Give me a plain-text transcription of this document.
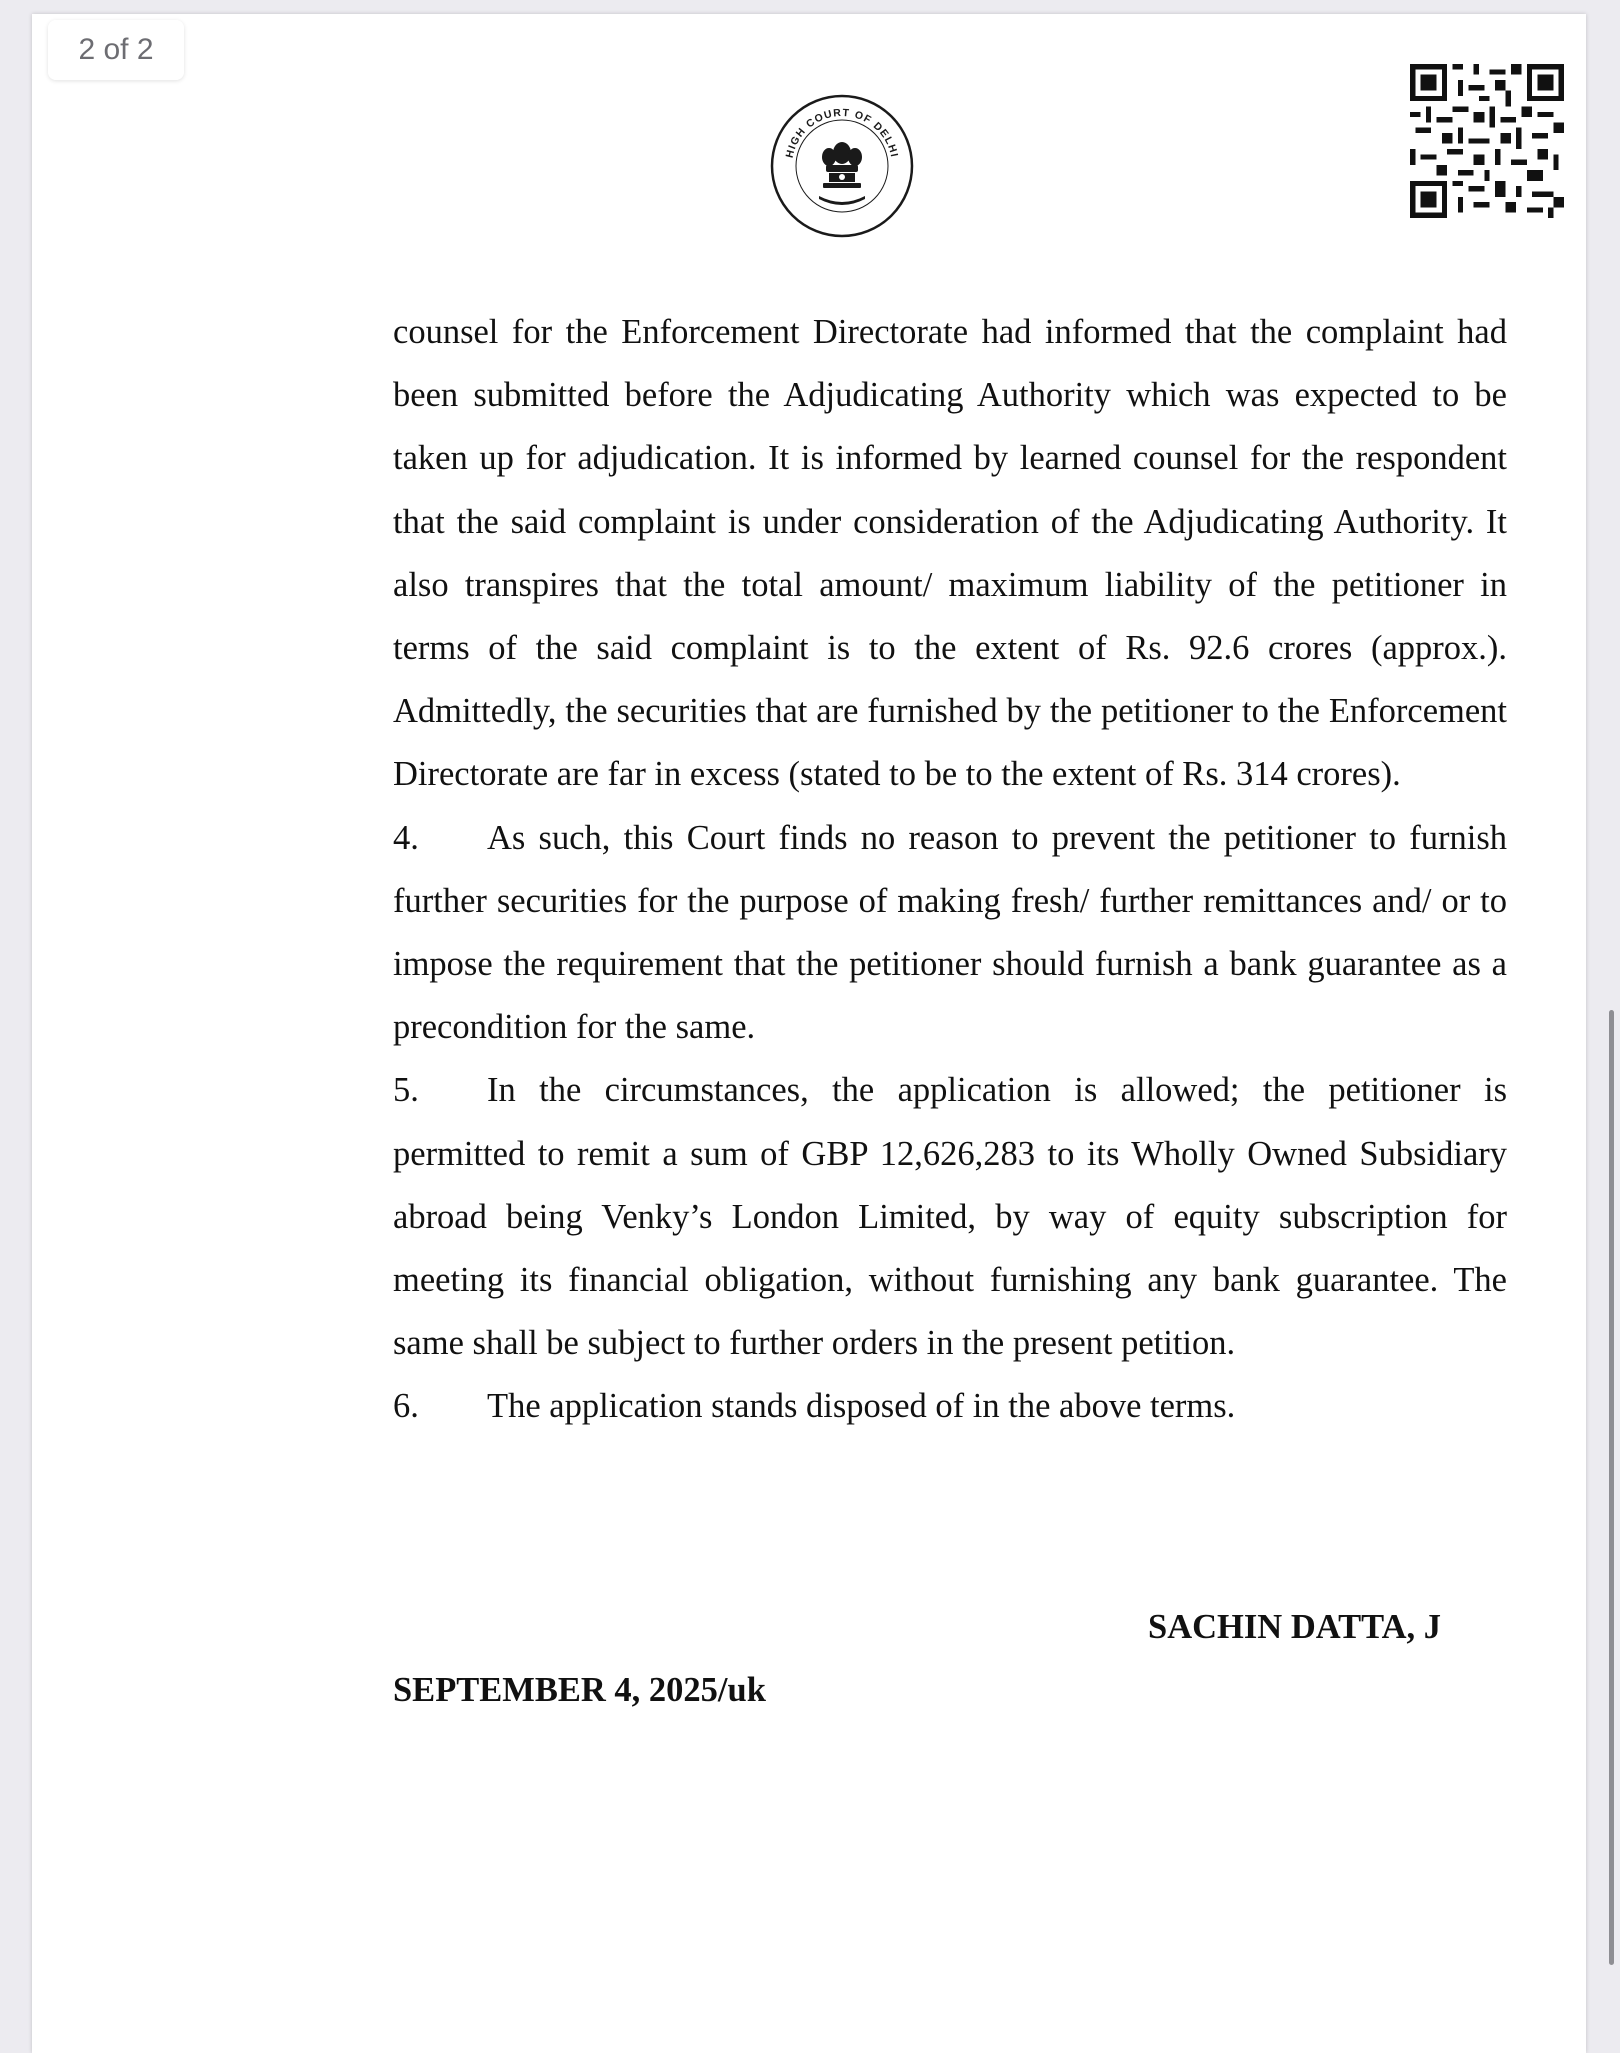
HIGH COURT OF DELHI

counsel for the Enforcement Directorate had informed that the complaint had been submitted before the Adjudicating Authority which was expected to be taken up for adjudication. It is informed by learned counsel for the respondent that the said complaint is under consideration of the Adjudicating Authority. It also transpires that the total amount/ maximum liability of the petitioner in terms of the said complaint is to the extent of Rs. 92.6 crores (approx.). Admittedly, the securities that are furnished by the petitioner to the Enforcement Directorate are far in excess (stated to be to the extent of Rs. 314 crores).

4. As such, this Court finds no reason to prevent the petitioner to furnish further securities for the purpose of making fresh/ further remittances and/ or to impose the requirement that the petitioner should furnish a bank guarantee as a precondition for the same.

5. In the circumstances, the application is allowed; the petitioner is permitted to remit a sum of GBP 12,626,283 to its Wholly Owned Subsidiary abroad being Venky’s London Limited, by way of equity subscription for meeting its financial obligation, without furnishing any bank guarantee. The same shall be subject to further orders in the present petition.

6. The application stands disposed of in the above terms.

SACHIN DATTA, J
SEPTEMBER 4, 2025/uk
2 of 2
